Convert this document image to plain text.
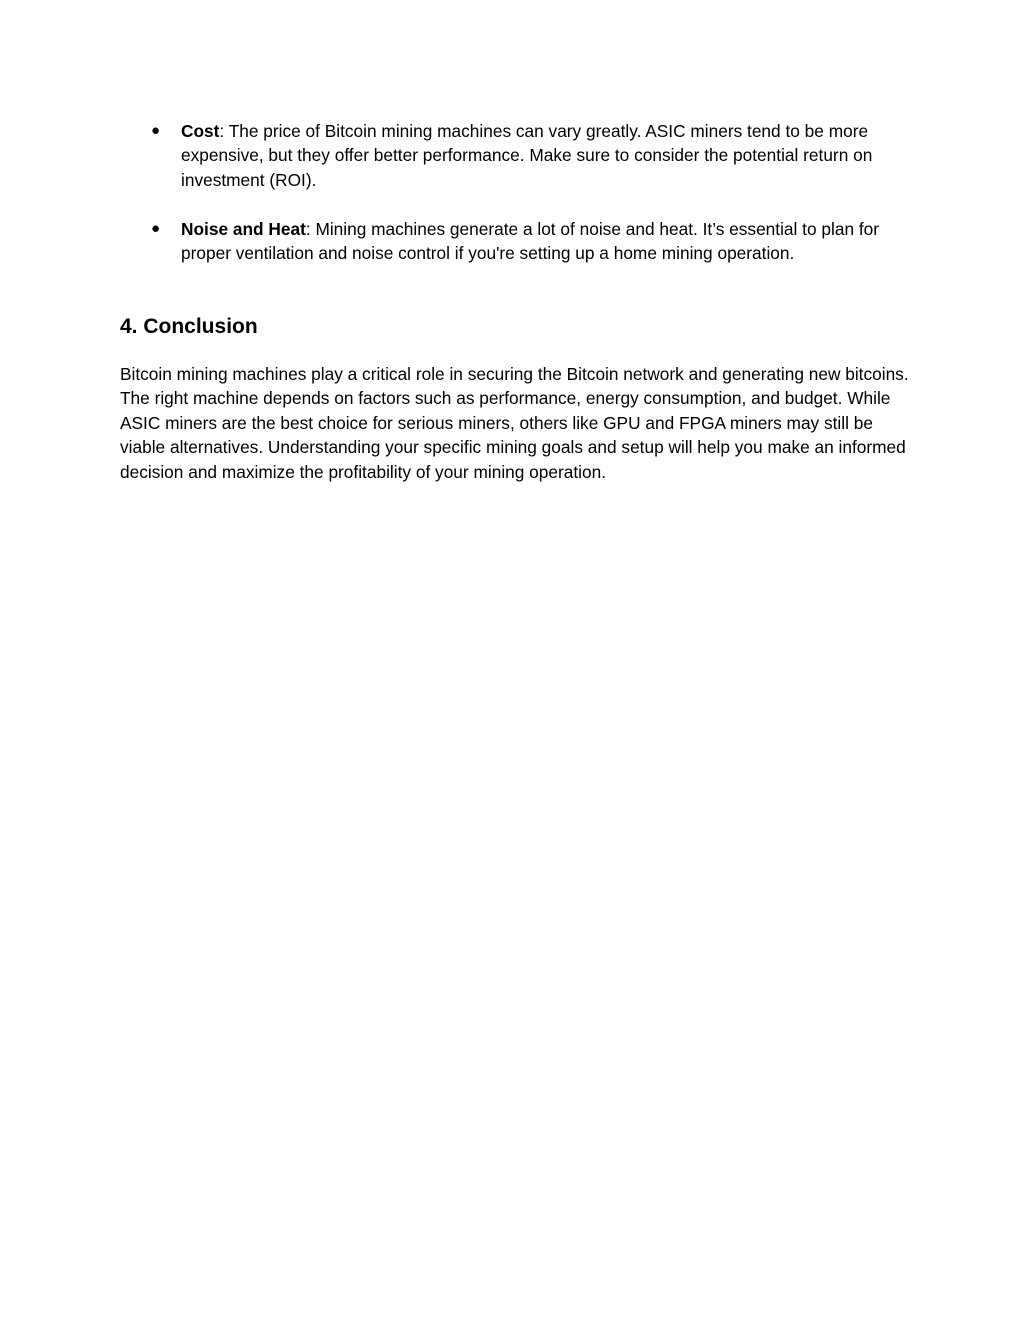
● Cost: The price of Bitcoin mining machines can vary greatly. ASIC miners tend to be more expensive, but they offer better performance. Make sure to consider the potential return on investment (ROI).
● Noise and Heat: Mining machines generate a lot of noise and heat. It’s essential to plan for proper ventilation and noise control if you're setting up a home mining operation.
4. Conclusion

Bitcoin mining machines play a critical role in securing the Bitcoin network and generating new bitcoins. The right machine depends on factors such as performance, energy consumption, and budget. While ASIC miners are the best choice for serious miners, others like GPU and FPGA miners may still be viable alternatives. Understanding your specific mining goals and setup will help you make an informed decision and maximize the profitability of your mining operation.
